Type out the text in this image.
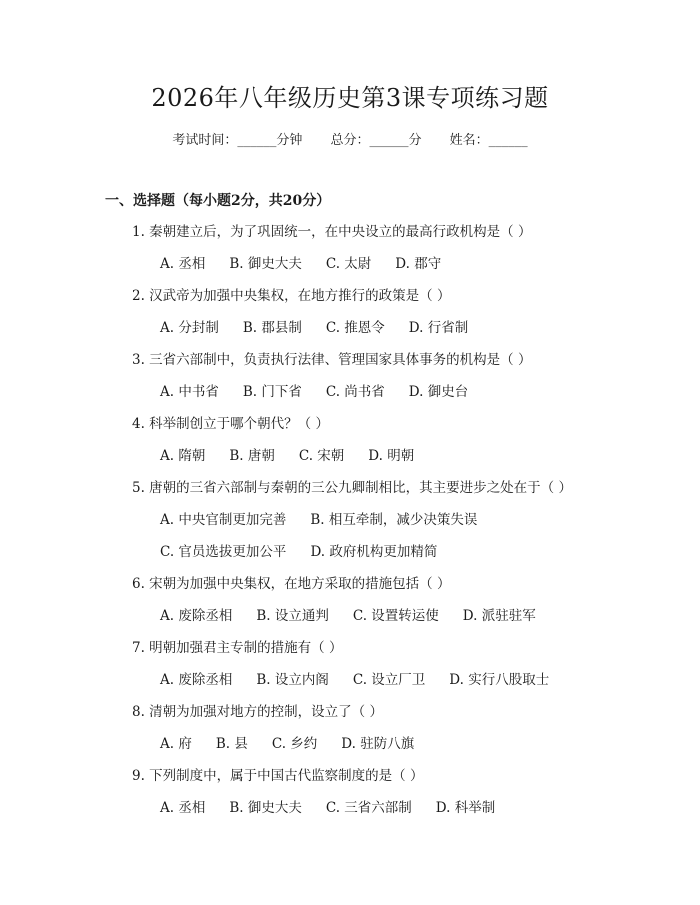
2026年八年级历史第3课专项练习题
考试时间：______分钟 总分：______分 姓名：______
一、选择题（每小题2分，共20分）
1. 秦朝建立后，为了巩固统一，在中央设立的最高行政机构是（ ）
A. 丞相 B. 御史大夫 C. 太尉 D. 郡守
2. 汉武帝为加强中央集权，在地方推行的政策是（ ）
A. 分封制 B. 郡县制 C. 推恩令 D. 行省制
3. 三省六部制中，负责执行法律、管理国家具体事务的机构是（ ）
A. 中书省 B. 门下省 C. 尚书省 D. 御史台
4. 科举制创立于哪个朝代？（ ）
A. 隋朝 B. 唐朝 C. 宋朝 D. 明朝
5. 唐朝的三省六部制与秦朝的三公九卿制相比，其主要进步之处在于（ ）
A. 中央官制更加完善 B. 相互牵制，减少决策失误
C. 官员选拔更加公平 D. 政府机构更加精简
6. 宋朝为加强中央集权，在地方采取的措施包括（ ）
A. 废除丞相 B. 设立通判 C. 设置转运使 D. 派驻驻军
7. 明朝加强君主专制的措施有（ ）
A. 废除丞相 B. 设立内阁 C. 设立厂卫 D. 实行八股取士
8. 清朝为加强对地方的控制，设立了（ ）
A. 府 B. 县 C. 乡约 D. 驻防八旗
9. 下列制度中，属于中国古代监察制度的是（ ）
A. 丞相 B. 御史大夫 C. 三省六部制 D. 科举制
